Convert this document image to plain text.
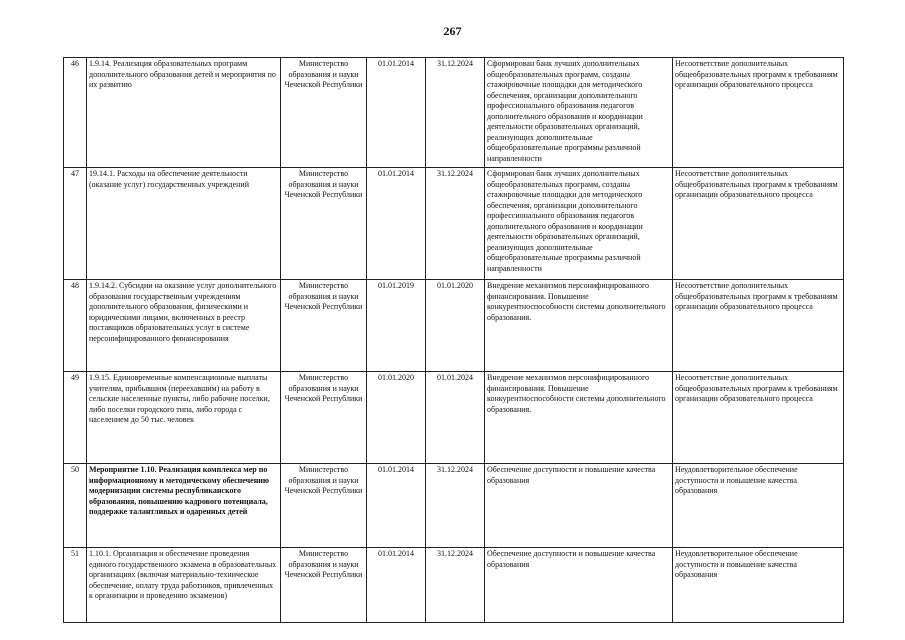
267
46	1.9.14. Реализация образовательных программ дополнительного образования детей и мероприятия по их развитию	Министерство образования и науки Чеченской Республики	01.01.2014	31.12.2024	Сформирован банк лучших дополнительных общеобразовательных программ, созданы стажировочные площадки для методического обеспечения, организации дополнительного профессионального образования педагогов дополнительного образования и координации деятельности образовательных организаций, реализующих дополнительные общеобразовательные программы различной направленности	Несоответствие дополнительных общеобразовательных программ к требованиям организации образовательного процесса
47	19.14.1. Расходы на обеспечение деятельности (оказание услуг) государственных учреждений	Министерство образования и науки Чеченской Республики	01.01.2014	31.12.2024	Сформирован банк лучших дополнительных общеобразовательных программ, созданы стажировочные площадки для методического обеспечения, организации дополнительного профессионального образования педагогов дополнительного образования и координации деятельности образовательных организаций, реализующих дополнительные общеобразовательные программы различной направленности	Несоответствие дополнительных общеобразовательных программ к требованиям организации образовательного процесса
48	1.9.14.2. Субсидии на оказание услуг дополнительного образования государственным учреждениям дополнительного образования, физическими и юридическими лицами, включенных в реестр поставщиков образовательных услуг в системе персонифицированного финансирования	Министерство образования и науки Чеченской Республики	01.01.2019	01.01.2020	Внедрение механизмов персонифицированного финансирования. Повышение конкурентноспособности системы дополнительного образования.	Несоответствие дополнительных общеобразовательных программ к требованиям организации образовательного процесса
49	1.9.15. Единовременные компенсационные выплаты учителям, прибывшим (переехавшим) на работу в сельские населенные пункты, либо рабочие поселки, либо поселки городского типа, либо города с населением до 50 тыс. человек	Министерство образования и науки Чеченской Республики	01.01.2020	01.01.2024	Внедрение механизмов персонифицированного финансирования. Повышение конкурентноспособности системы дополнительного образования.	Несоответствие дополнительных общеобразовательных программ к требованиям организации образовательного процесса
50	Мероприятие 1.10. Реализация комплекса мер по информационному и методическому обеспечению модернизации системы республиканского образования, повышению кадрового потенциала, поддержке талантливых и одаренных детей	Министерство образования и науки Чеченской Республики	01.01.2014	31.12.2024	Обеспечение доступности и повышение качества образования	Неудовлетворительное обеспечение доступности и повышение качества образования
51	1.10.1. Организация и обеспечение проведения единого государственного экзамена в образовательных организациях (включая материально-техническое обеспечение, оплату труда работников, привлеченных к организации и проведению экзаменов)	Министерство образования и науки Чеченской Республики	01.01.2014	31.12.2024	Обеспечение доступности и повышение качества образования	Неудовлетворительное обеспечение доступности и повышение качества образования
